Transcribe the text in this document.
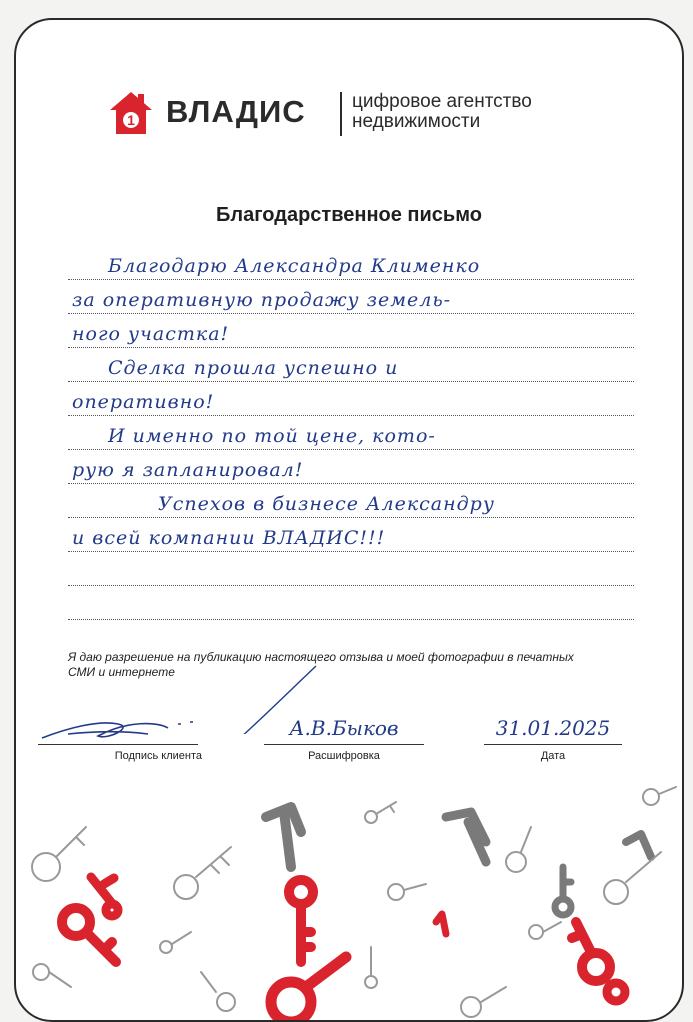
1 ВЛАДИС цифровое агентство
недвижимости
Благодарственное письмо
Благодарю Александра Клименко
за оперативную продажу земель-
ного участка!
Сделка прошла успешно и
оперативно!
И именно по той цене, кото-
рую я запланировал!
Успехов в бизнесе Александру
и всей компании ВЛАДИС!!!
Я даю разрешение на публикацию настоящего отзыва и моей фотографии в печатных СМИ и интернете
Подпись клиента
А.В.Быков
Расшифровка
31.01.2025
Дата
